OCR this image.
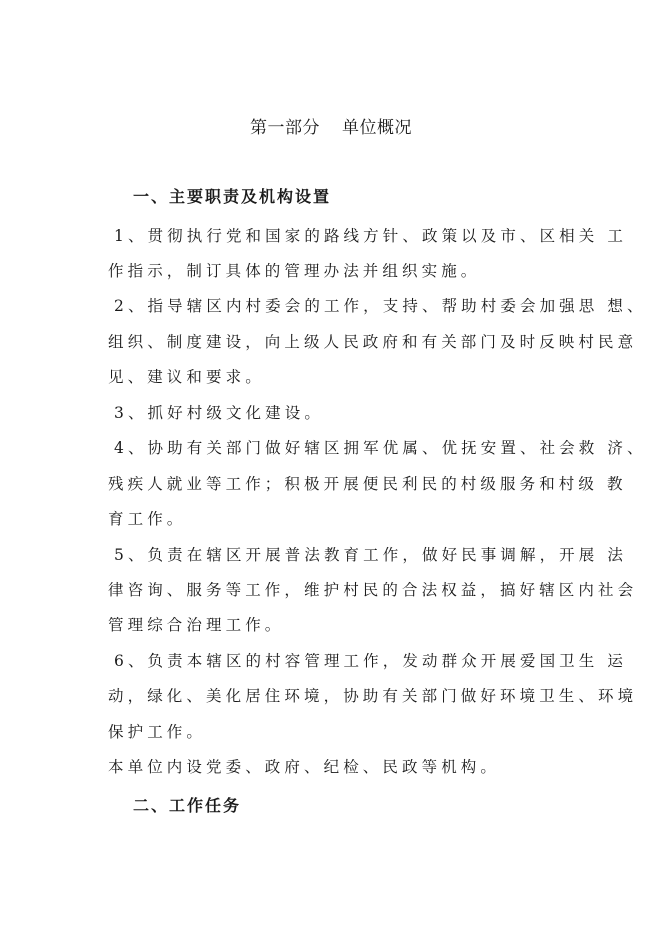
第一部分 单位概况
一、主要职责及机构设置
1、贯彻执行党和国家的路线方针、政策以及市、区相关 工
作指示，制订具体的管理办法并组织实施。
2、指导辖区内村委会的工作，支持、帮助村委会加强思 想、
组织、制度建设，向上级人民政府和有关部门及时反映村民意
见、建议和要求。
3、抓好村级文化建设。
4、协助有关部门做好辖区拥军优属、优抚安置、社会救 济、
残疾人就业等工作；积极开展便民利民的村级服务和村级 教
育工作。
5、负责在辖区开展普法教育工作，做好民事调解，开展 法
律咨询、服务等工作，维护村民的合法权益，搞好辖区内社会
管理综合治理工作。
6、负责本辖区的村容管理工作，发动群众开展爱国卫生 运
动，绿化、美化居住环境，协助有关部门做好环境卫生、环境
保护工作。
本单位内设党委、政府、纪检、民政等机构。
二、工作任务
